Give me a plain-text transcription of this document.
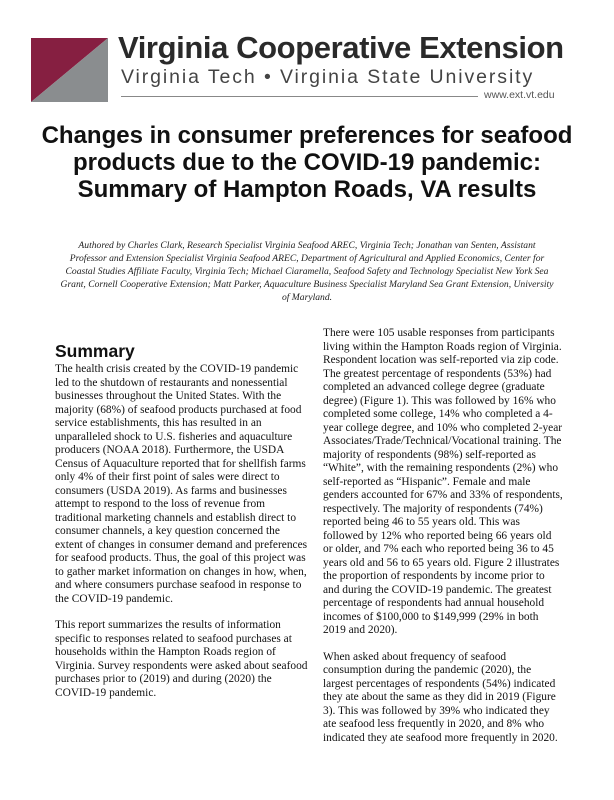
Virginia Cooperative Extension
Virginia Tech • Virginia State University
www.ext.vt.edu
Changes in consumer preferences for seafood products due to the COVID-19 pandemic: Summary of Hampton Roads, VA results

Authored by Charles Clark, Research Specialist Virginia Seafood AREC, Virginia Tech; Jonathan van Senten, Assistant Professor and Extension Specialist Virginia Seafood AREC, Department of Agricultural and Applied Economics, Center for Coastal Studies Affiliate Faculty, Virginia Tech; Michael Ciaramella, Seafood Safety and Technology Specialist New York Sea Grant, Cornell Cooperative Extension; Matt Parker, Aquaculture Business Specialist Maryland Sea Grant Extension, University of Maryland.

Summary

The health crisis created by the COVID-19 pandemic led to the shutdown of restaurants and nonessential businesses throughout the United States. With the majority (68%) of seafood products purchased at food service establishments, this has resulted in an unparalleled shock to U.S. fisheries and aquaculture producers (NOAA 2018). Furthermore, the USDA Census of Aquaculture reported that for shellfish farms only 4% of their first point of sales were direct to consumers (USDA 2019). As farms and businesses attempt to respond to the loss of revenue from traditional marketing channels and establish direct to consumer channels, a key question concerned the extent of changes in consumer demand and preferences for seafood products. Thus, the goal of this project was to gather market information on changes in how, when, and where consumers purchase seafood in response to the COVID-19 pandemic.

This report summarizes the results of information specific to responses related to seafood purchases at households within the Hampton Roads region of Virginia. Survey respondents were asked about seafood purchases prior to (2019) and during (2020) the COVID-19 pandemic.

There were 105 usable responses from participants living within the Hampton Roads region of Virginia. Respondent location was self-reported via zip code. The greatest percentage of respondents (53%) had completed an advanced college degree (graduate degree) (Figure 1). This was followed by 16% who completed some college, 14% who completed a 4-year college degree, and 10% who completed 2-year Associates/Trade/Technical/Vocational training. The majority of respondents (98%) self-reported as “White”, with the remaining respondents (2%) who self-reported as “Hispanic”. Female and male genders accounted for 67% and 33% of respondents, respectively. The majority of respondents (74%) reported being 46 to 55 years old. This was followed by 12% who reported being 66 years old or older, and 7% each who reported being 36 to 45 years old and 56 to 65 years old. Figure 2 illustrates the proportion of respondents by income prior to and during the COVID-19 pandemic. The greatest percentage of respondents had annual household incomes of $100,000 to $149,999 (29% in both 2019 and 2020).

When asked about frequency of seafood consumption during the pandemic (2020), the largest percentages of respondents (54%) indicated they ate about the same as they did in 2019 (Figure 3). This was followed by 39% who indicated they ate seafood less frequently in 2020, and 8% who indicated they ate seafood more frequently in 2020.
